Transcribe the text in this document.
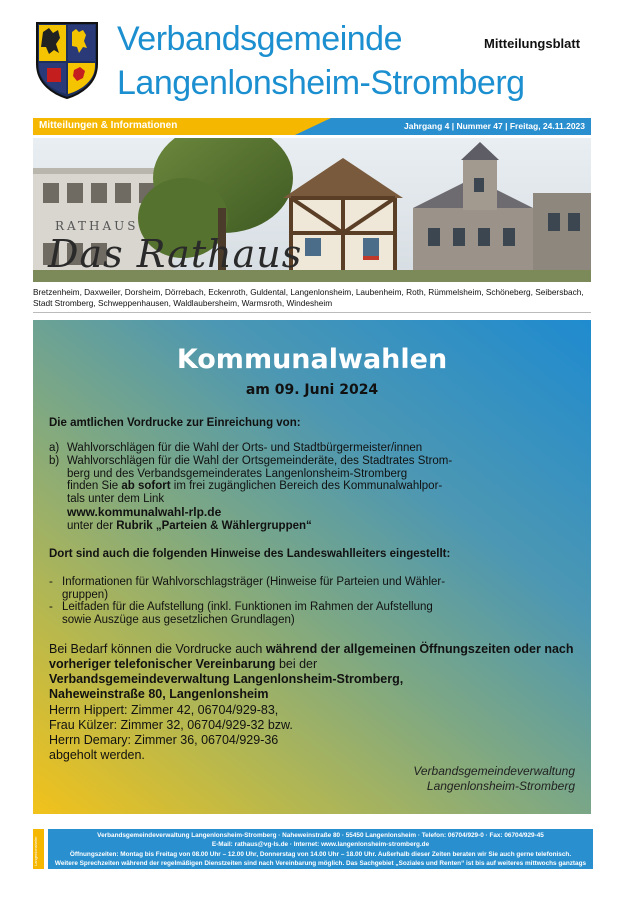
Verbandsgemeinde
Langenlonsheim-Stromberg
Mitteilungsblatt
Mitteilungen & Informationen	Jahrgang 4 | Nummer 47 | Freitag, 24.11.2023
RATHAUS
Das Rathaus
Bretzenheim, Daxweiler, Dorsheim, Dörrebach, Eckenroth, Guldental, Langenlonsheim, Laubenheim, Roth, Rümmelsheim, Schöneberg, Seibersbach, Stadt Stromberg, Schweppenhausen, Waldlaubersheim, Warmsroth, Windesheim
Kommunalwahlen
am 09. Juni 2024
Die amtlichen Vordrucke zur Einreichung von:
a) Wahlvorschlägen für die Wahl der Orts- und Stadtbürgermeister/innen
b) Wahlvorschlägen für die Wahl der Ortsgemeinderäte, des Stadtrates Strom-
berg und des Verbandsgemeinderates Langenlonsheim-Stromberg
finden Sie ab sofort im frei zugänglichen Bereich des Kommunalwahlpor-
tals unter dem Link
www.kommunalwahl-rlp.de
unter der Rubrik „Parteien & Wählergruppen“
Dort sind auch die folgenden Hinweise des Landeswahlleiters eingestellt:
- Informationen für Wahlvorschlagsträger (Hinweise für Parteien und Wähler-
gruppen)
- Leitfaden für die Aufstellung (inkl. Funktionen im Rahmen der Aufstellung
sowie Auszüge aus gesetzlichen Grundlagen)
Bei Bedarf können die Vordrucke auch während der allgemeinen Öffnungszeiten oder nach
vorheriger telefonischer Vereinbarung bei der
Verbandsgemeindeverwaltung Langenlonsheim-Stromberg,
Naheweinstraße 80, Langenlonsheim
Herrn Hippert: Zimmer 42, 06704/929-83,
Frau Külzer: Zimmer 32, 06704/929-32 bzw.
Herrn Demary: Zimmer 36, 06704/929-36
abgeholt werden.
Verbandsgemeindeverwaltung
Langenlonsheim-Stromberg
Langenlonsheim
Verbandsgemeindeverwaltung Langenlonsheim-Stromberg · Naheweinstraße 80 · 55450 Langenlonsheim · Telefon: 06704/929-0 · Fax: 06704/929-45
E-Mail: rathaus@vg-ls.de · Internet: www.langenlonsheim-stromberg.de
Öffnungszeiten: Montag bis Freitag von 08.00 Uhr – 12.00 Uhr, Donnerstag von 14.00 Uhr – 18.00 Uhr. Außerhalb dieser Zeiten beraten wir Sie auch gerne telefonisch.
Weitere Sprechzeiten während der regelmäßigen Dienstzeiten sind nach Vereinbarung möglich. Das Sachgebiet „Soziales und Renten“ ist bis auf weiteres mittwochs ganztags geschlossen.
